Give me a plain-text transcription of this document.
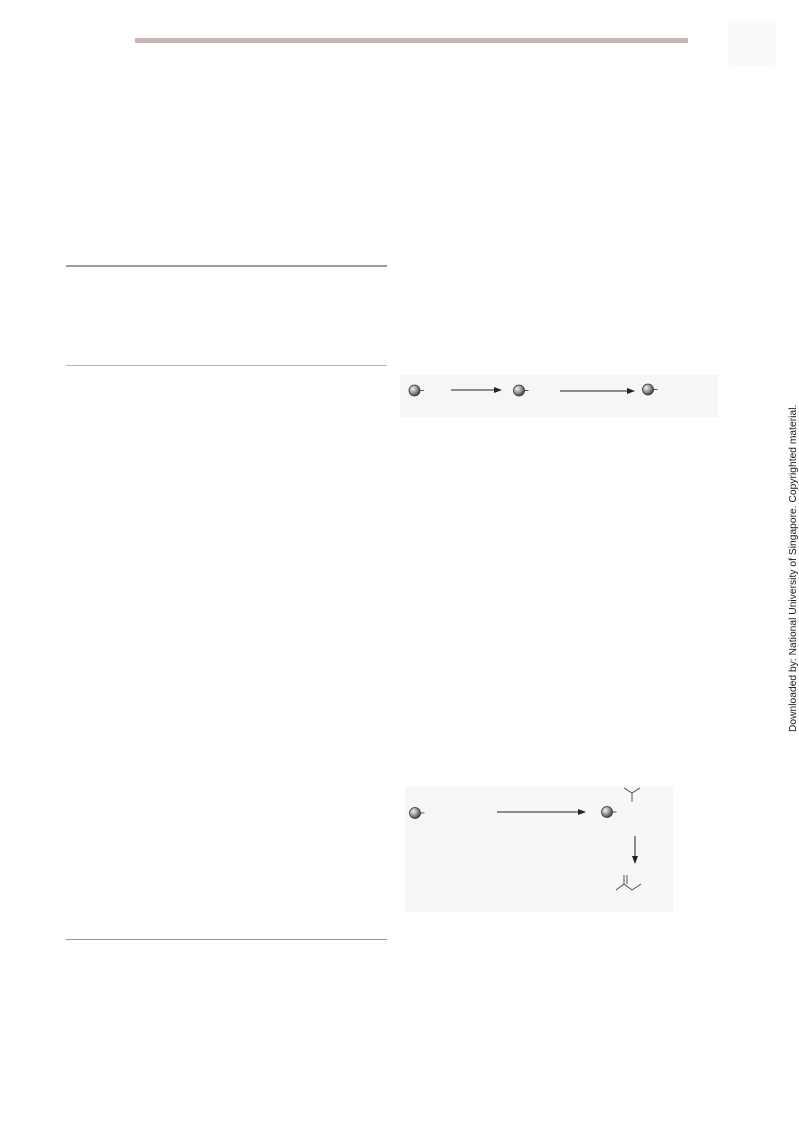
Downloaded by: National University of Singapore. Copyrighted material.
